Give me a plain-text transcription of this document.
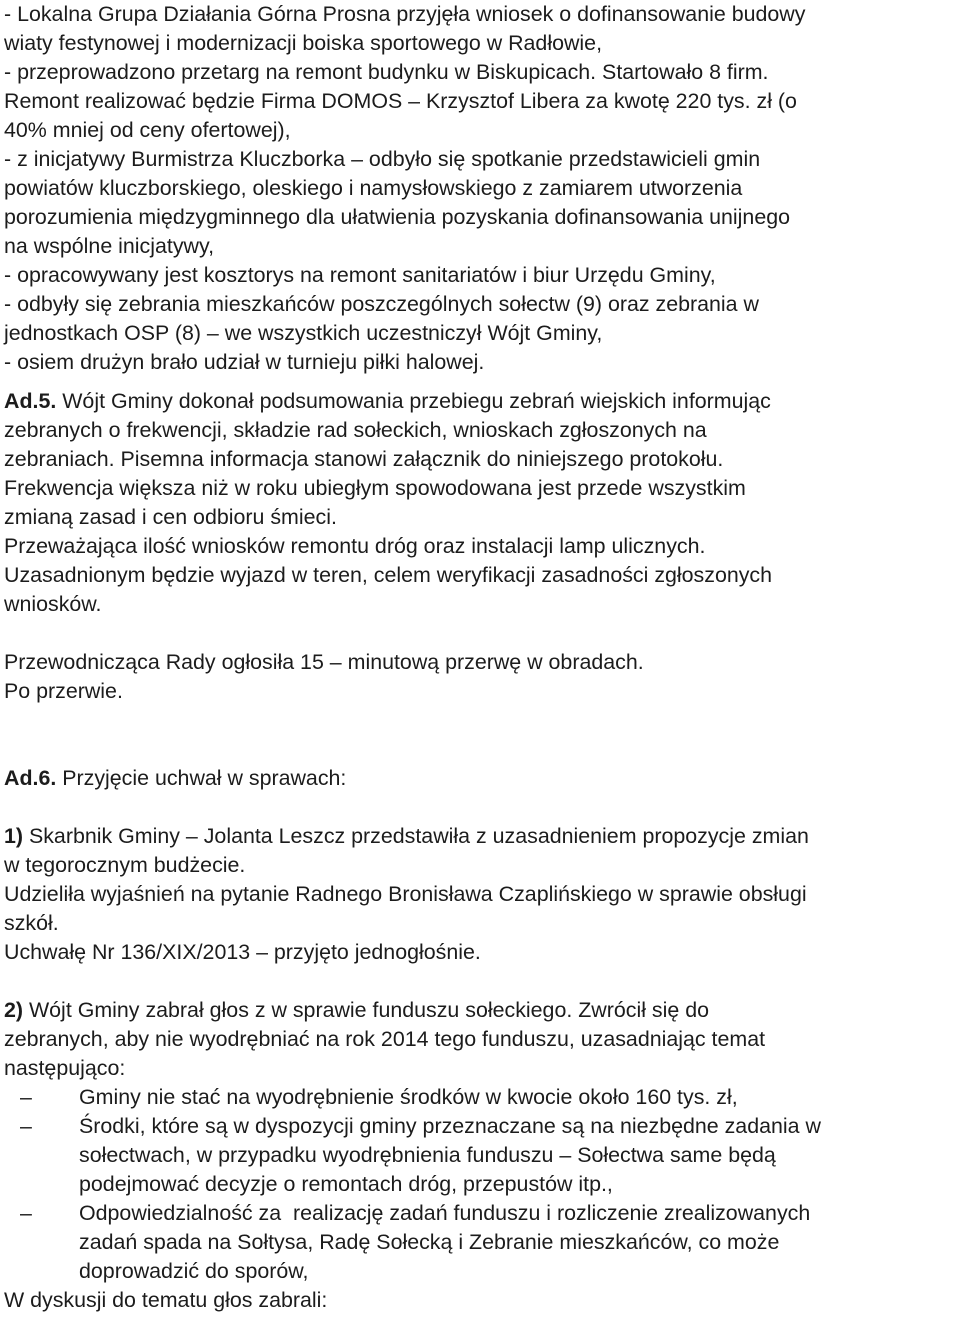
- Lokalna Grupa Działania Górna Prosna przyjęła wniosek o dofinansowanie budowy
wiaty festynowej i modernizacji boiska sportowego w Radłowie,
- przeprowadzono przetarg na remont budynku w Biskupicach. Startowało 8 firm.
Remont realizować będzie Firma DOMOS – Krzysztof Libera za kwotę 220 tys. zł (o
40% mniej od ceny ofertowej),
- z inicjatywy Burmistrza Kluczborka – odbyło się spotkanie przedstawicieli gmin
powiatów kluczborskiego, oleskiego i namysłowskiego z zamiarem utworzenia
porozumienia międzygminnego dla ułatwienia pozyskania dofinansowania unijnego
na wspólne inicjatywy,
- opracowywany jest kosztorys na remont sanitariatów i biur Urzędu Gminy,
- odbyły się zebrania mieszkańców poszczególnych sołectw (9) oraz zebrania w
jednostkach OSP (8) – we wszystkich uczestniczył Wójt Gminy,
- osiem drużyn brało udział w turnieju piłki halowej.
Ad.5. Wójt Gminy dokonał podsumowania przebiegu zebrań wiejskich informując
zebranych o frekwencji, składzie rad sołeckich, wnioskach zgłoszonych na
zebraniach. Pisemna informacja stanowi załącznik do niniejszego protokołu.
Frekwencja większa niż w roku ubiegłym spowodowana jest przede wszystkim
zmianą zasad i cen odbioru śmieci.
Przeważająca ilość wniosków remontu dróg oraz instalacji lamp ulicznych.
Uzasadnionym będzie wyjazd w teren, celem weryfikacji zasadności zgłoszonych
wniosków.
Przewodnicząca Rady ogłosiła 15 – minutową przerwę w obradach.
Po przerwie.
Ad.6. Przyjęcie uchwał w sprawach:
1) Skarbnik Gminy – Jolanta Leszcz przedstawiła z uzasadnieniem propozycje zmian
w tegorocznym budżecie.
Udzieliła wyjaśnień na pytanie Radnego Bronisława Czaplińskiego w sprawie obsługi
szkół.
Uchwałę Nr 136/XIX/2013 – przyjęto jednogłośnie.
2) Wójt Gminy zabrał głos z w sprawie funduszu sołeckiego. Zwrócił się do
zebranych, aby nie wyodrębniać na rok 2014 tego funduszu, uzasadniając temat
następująco:
–	Gminy nie stać na wyodrębnienie środków w kwocie około 160 tys. zł,
–	Środki, które są w dyspozycji gminy przeznaczane są na niezbędne zadania w
sołectwach, w przypadku wyodrębnienia funduszu – Sołectwa same będą
podejmować decyzje o remontach dróg, przepustów itp.,
–	Odpowiedzialność za  realizację zadań funduszu i rozliczenie zrealizowanych
zadań spada na Sołtysa, Radę Sołecką i Zebranie mieszkańców, co może
doprowadzić do sporów,
W dyskusji do tematu głos zabrali:
